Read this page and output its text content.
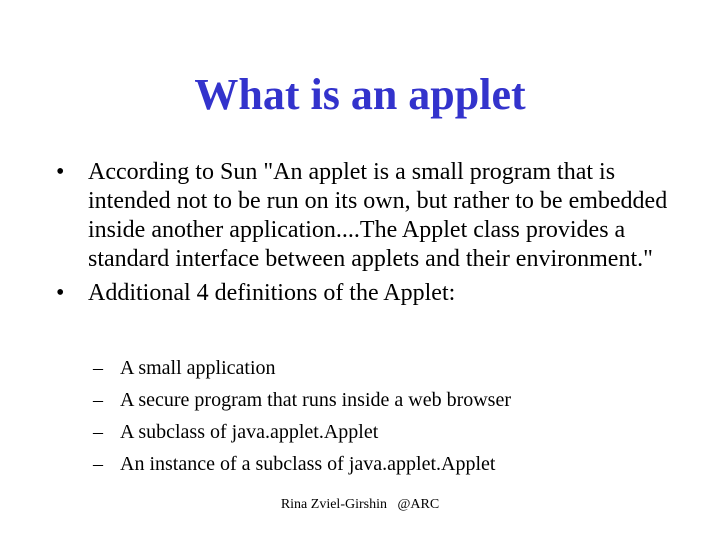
What is an applet
• According to Sun "An applet is a small program that is intended not to be run on its own, but rather to be embedded inside another application....The Applet class provides a standard interface between applets and their environment."
• Additional 4 definitions of the Applet:
– A small application
– A secure program that runs inside a web browser
– A subclass of java.applet.Applet
– An instance of a subclass of java.applet.Applet
Rina Zviel-Girshin   @ARC
